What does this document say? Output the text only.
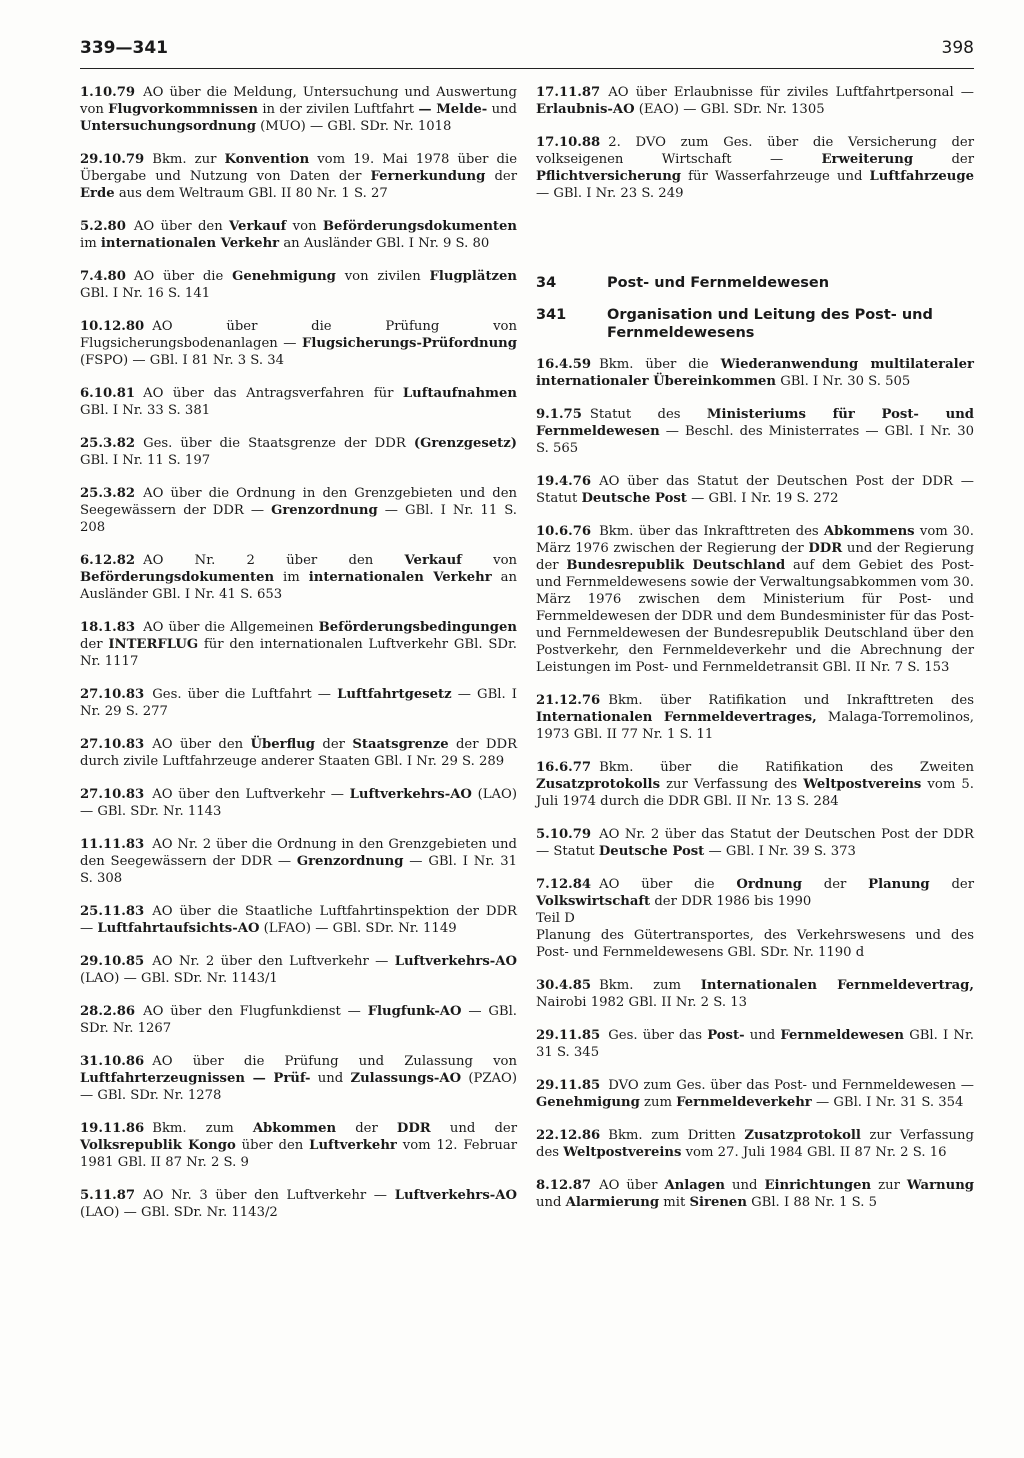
339—341	398

1.10.79 AO über die Meldung, Untersuchung und Auswertung von Flugvorkommnissen in der zivilen Luftfahrt — Melde- und Untersuchungsordnung (MUO) — GBl. SDr. Nr. 1018

29.10.79 Bkm. zur Konvention vom 19. Mai 1978 über die Übergabe und Nutzung von Daten der Fernerkundung der Erde aus dem Weltraum GBl. II 80 Nr. 1 S. 27

5.2.80 AO über den Verkauf von Beförderungsdokumenten im internationalen Verkehr an Ausländer GBl. I Nr. 9 S. 80

7.4.80 AO über die Genehmigung von zivilen Flugplätzen GBl. I Nr. 16 S. 141

10.12.80 AO über die Prüfung von Flugsicherungsbodenanlagen — Flugsicherungs-Prüfordnung (FSPO) — GBl. I 81 Nr. 3 S. 34

6.10.81 AO über das Antragsverfahren für Luftaufnahmen GBl. I Nr. 33 S. 381

25.3.82 Ges. über die Staatsgrenze der DDR (Grenzgesetz) GBl. I Nr. 11 S. 197

25.3.82 AO über die Ordnung in den Grenzgebieten und den Seegewässern der DDR — Grenzordnung — GBl. I Nr. 11 S. 208

6.12.82 AO Nr. 2 über den Verkauf von Beförderungsdokumenten im internationalen Verkehr an Ausländer GBl. I Nr. 41 S. 653

18.1.83 AO über die Allgemeinen Beförderungsbedingungen der INTERFLUG für den internationalen Luftverkehr GBl. SDr. Nr. 1117

27.10.83 Ges. über die Luftfahrt — Luftfahrtgesetz — GBl. I Nr. 29 S. 277

27.10.83 AO über den Überflug der Staatsgrenze der DDR durch zivile Luftfahrzeuge anderer Staaten GBl. I Nr. 29 S. 289

27.10.83 AO über den Luftverkehr — Luftverkehrs-AO (LAO) — GBl. SDr. Nr. 1143

11.11.83 AO Nr. 2 über die Ordnung in den Grenzgebieten und den Seegewässern der DDR — Grenzordnung — GBl. I Nr. 31 S. 308

25.11.83 AO über die Staatliche Luftfahrtinspektion der DDR — Luftfahrtaufsichts-AO (LFAO) — GBl. SDr. Nr. 1149

29.10.85 AO Nr. 2 über den Luftverkehr — Luftverkehrs-AO (LAO) — GBl. SDr. Nr. 1143/1

28.2.86 AO über den Flugfunkdienst — Flugfunk-AO — GBl. SDr. Nr. 1267

31.10.86 AO über die Prüfung und Zulassung von Luftfahrterzeugnissen — Prüf- und Zulassungs-AO (PZAO) — GBl. SDr. Nr. 1278

19.11.86 Bkm. zum Abkommen der DDR und der Volksrepublik Kongo über den Luftverkehr vom 12. Februar 1981 GBl. II 87 Nr. 2 S. 9

5.11.87 AO Nr. 3 über den Luftverkehr — Luftverkehrs-AO (LAO) — GBl. SDr. Nr. 1143/2

17.11.87 AO über Erlaubnisse für ziviles Luftfahrtpersonal — Erlaubnis-AO (EAO) — GBl. SDr. Nr. 1305

17.10.88 2. DVO zum Ges. über die Versicherung der volkseigenen Wirtschaft — Erweiterung der Pflichtversicherung für Wasserfahrzeuge und Luftfahrzeuge — GBl. I Nr. 23 S. 249

34	Post- und Fernmeldewesen
341	Organisation und Leitung des Post- und Fernmeldewesens

16.4.59 Bkm. über die Wiederanwendung multilateraler internationaler Übereinkommen GBl. I Nr. 30 S. 505

9.1.75 Statut des Ministeriums für Post- und Fernmeldewesen — Beschl. des Ministerrates — GBl. I Nr. 30 S. 565

19.4.76 AO über das Statut der Deutschen Post der DDR — Statut Deutsche Post — GBl. I Nr. 19 S. 272

10.6.76 Bkm. über das Inkrafttreten des Abkommens vom 30. März 1976 zwischen der Regierung der DDR und der Regierung der Bundesrepublik Deutschland auf dem Gebiet des Post- und Fernmeldewesens sowie der Verwaltungsabkommen vom 30. März 1976 zwischen dem Ministerium für Post- und Fernmeldewesen der DDR und dem Bundesminister für das Post- und Fernmeldewesen der Bundesrepublik Deutschland über den Postverkehr, den Fernmeldeverkehr und die Abrechnung der Leistungen im Post- und Fernmeldetransit GBl. II Nr. 7 S. 153

21.12.76 Bkm. über Ratifikation und Inkrafttreten des Internationalen Fernmeldevertrages, Malaga-Torremolinos, 1973 GBl. II 77 Nr. 1 S. 11

16.6.77 Bkm. über die Ratifikation des Zweiten Zusatzprotokolls zur Verfassung des Weltpostvereins vom 5. Juli 1974 durch die DDR GBl. II Nr. 13 S. 284

5.10.79 AO Nr. 2 über das Statut der Deutschen Post der DDR — Statut Deutsche Post — GBl. I Nr. 39 S. 373

7.12.84 AO über die Ordnung der Planung der Volkswirtschaft der DDR 1986 bis 1990
Teil D
Planung des Gütertransportes, des Verkehrswesens und des Post- und Fernmeldewesens GBl. SDr. Nr. 1190 d

30.4.85 Bkm. zum Internationalen Fernmeldevertrag, Nairobi 1982 GBl. II Nr. 2 S. 13

29.11.85 Ges. über das Post- und Fernmeldewesen GBl. I Nr. 31 S. 345

29.11.85 DVO zum Ges. über das Post- und Fernmeldewesen — Genehmigung zum Fernmeldeverkehr — GBl. I Nr. 31 S. 354

22.12.86 Bkm. zum Dritten Zusatzprotokoll zur Verfassung des Weltpostvereins vom 27. Juli 1984 GBl. II 87 Nr. 2 S. 16

8.12.87 AO über Anlagen und Einrichtungen zur Warnung und Alarmierung mit Sirenen GBl. I 88 Nr. 1 S. 5
